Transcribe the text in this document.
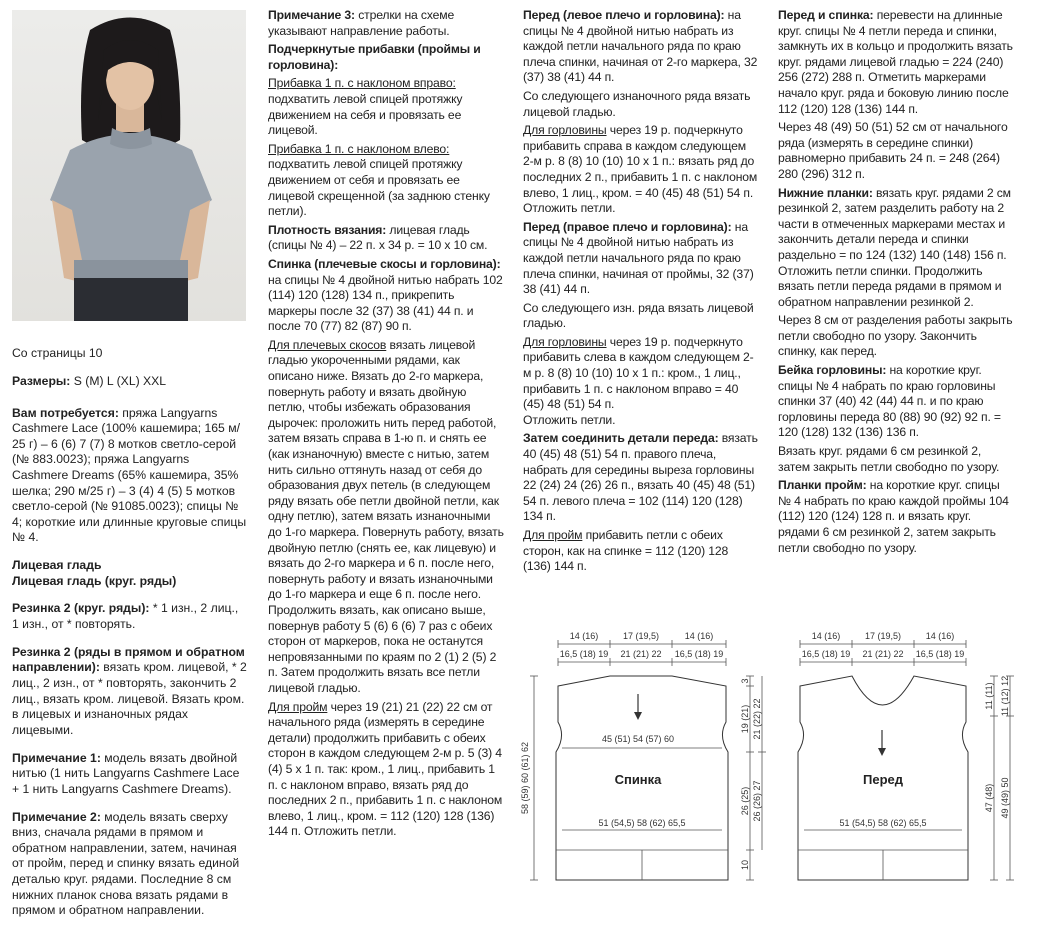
Со страницы 10

Размеры: S (M) L (XL) XXL

Вам потребуется: пряжа Langyarns Cashmere Lace (100% кашемира; 165 м/ 25 г) – 6 (6) 7 (7) 8 мотков светло-серой (№ 883.0023); пряжа Langyarns Cashmere Dreams (65% кашемира, 35% шелка; 290 м/25 г) – 3 (4) 4 (5) 5 мотков светло-серой (№ 91085.0023); спицы № 4; короткие или длинные круговые спицы № 4.

Лицевая гладь

Лицевая гладь (круг. ряды)

Резинка 2 (круг. ряды): * 1 изн., 2 лиц., 1 изн., от * повторять.

Резинка 2 (ряды в прямом и обратном направлении): вязать кром. лицевой, * 2 лиц., 2 изн., от * повторять, закончить 2 лиц., вязать кром. лицевой. Вязать кром. в лицевых и изнаночных рядах лицевыми.

Примечание 1: модель вязать двойной нитью (1 нить Langyarns Cashmere Lace + 1 нить Langyarns Cashmere Dreams).

Примечание 2: модель вязать сверху вниз, сначала рядами в прямом и обратном направлении, затем, начиная от пройм, перед и спинку вязать единой деталью круг. рядами. Последние 8 см нижних планок снова вязать рядами в прямом и обратном направлении.

Примечание 3: стрелки на схеме указывают направление работы.

Подчеркнутые прибавки (проймы и горловина):

Прибавка 1 п. с наклоном вправо: подхватить левой спицей протяжку движением на себя и провязать ее лицевой.

Прибавка 1 п. с наклоном влево: подхватить левой спицей протяжку движением от себя и провязать ее лицевой скрещенной (за заднюю стенку петли).

Плотность вязания: лицевая гладь (спицы № 4) – 22 п. х 34 р. = 10 х 10 см.

Спинка (плечевые скосы и горловина): на спицы № 4 двойной нитью набрать 102 (114) 120 (128) 134 п., прикрепить маркеры после 32 (37) 38 (41) 44 п. и после 70 (77) 82 (87) 90 п.

Для плечевых скосов вязать лицевой гладью укороченными рядами, как описано ниже. Вязать до 2-го маркера, повернуть работу и вязать двойную петлю, чтобы избежать образования дырочек: проложить нить перед работой, затем вязать справа в 1-ю п. и снять ее (как изнаночную) вместе с нитью, затем нить сильно оттянуть назад от себя до образования двух петель (в следующем ряду вязать обе петли двойной петли, как одну петлю), затем вязать изнаночными до 1-го маркера. Повернуть работу, вязать двойную петлю (снять ее, как лицевую) и вязать до 2-го маркера и 6 п. после него, повернуть работу и вязать изнаночными до 1-го маркера и еще 6 п. после него. Продолжить вязать, как описано выше, повернув работу 5 (6) 6 (6) 7 раз с обеих сторон от маркеров, пока не останутся непровязанными по краям по 2 (1) 2 (5) 2 п. Затем продолжить вязать все петли лицевой гладью.

Для пройм через 19 (21) 21 (22) 22 см от начального ряда (измерять в середине детали) продолжить прибавить с обеих сторон в каждом следующем 2-м р. 5 (3) 4 (4) 5 х 1 п. так: кром., 1 лиц., прибавить 1 п. с наклоном вправо, вязать ряд до последних 2 п., прибавить 1 п. с наклоном влево, 1 лиц., кром. = 112 (120) 128 (136) 144 п. Отложить петли.

Перед (левое плечо и горловина): на спицы № 4 двойной нитью набрать из каждой петли начального ряда по краю плеча спинки, начиная от 2-го маркера, 32 (37) 38 (41) 44 п.

Со следующего изнаночного ряда вязать лицевой гладью.

Для горловины через 19 р. подчеркнуто прибавить справа в каждом следующем 2-м р. 8 (8) 10 (10) 10 х 1 п.: вязать ряд до последних 2 п., прибавить 1 п. с наклоном влево, 1 лиц., кром. = 40 (45) 48 (51) 54 п. Отложить петли.

Перед (правое плечо и горловина): на спицы № 4 двойной нитью набрать из каждой петли начального ряда по краю плеча спинки, начиная от проймы, 32 (37) 38 (41) 44 п.

Со следующего изн. ряда вязать лицевой гладью.

Для горловины через 19 р. подчеркнуто прибавить слева в каждом следующем 2-м р. 8 (8) 10 (10) 10 х 1 п.: кром., 1 лиц., прибавить 1 п. с наклоном вправо = 40 (45) 48 (51) 54 п.

Отложить петли.

Затем соединить детали переда: вязать 40 (45) 48 (51) 54 п. правого плеча, набрать для середины выреза горловины 22 (24) 24 (26) 26 п., вязать 40 (45) 48 (51) 54 п. левого плеча = 102 (114) 120 (128) 134 п.

Для пройм прибавить петли с обеих сторон, как на спинке = 112 (120) 128 (136) 144 п.

Перед и спинка: перевести на длинные круг. спицы № 4 петли переда и спинки, замкнуть их в кольцо и продолжить вязать круг. рядами лицевой гладью = 224 (240) 256 (272) 288 п. Отметить маркерами начало круг. ряда и боковую линию после 112 (120) 128 (136) 144 п.

Через 48 (49) 50 (51) 52 см от начального ряда (измерять в середине спинки) равномерно прибавить 24 п. = 248 (264) 280 (296) 312 п.

Нижние планки: вязать круг. рядами 2 см резинкой 2, затем разделить работу на 2 части в отмеченных маркерами местах и закончить детали переда и спинки раздельно = по 124 (132) 140 (148) 156 п. Отложить петли спинки. Продолжить вязать петли переда рядами в прямом и обратном направлении резинкой 2.

Через 8 см от разделения работы закрыть петли свободно по узору. Закончить спинку, как перед.

Бейка горловины: на короткие круг. спицы № 4 набрать по краю горловины спинки 37 (40) 42 (44) 44 п. и по краю горловины переда 80 (88) 90 (92) 92 п. = 120 (128) 132 (136) 136 п.

Вязать круг. рядами 6 см резинкой 2, затем закрыть петли свободно по узору.

Планки пройм: на короткие круг. спицы № 4 набрать по краю каждой проймы 104 (112) 120 (124) 128 п. и вязать круг. рядами 6 см резинкой 2, затем закрыть петли свободно по узору.

14 (16)	17 (19,5)	14 (16)
16,5 (18) 19 21 (21) 22 16,5 (18) 19
45 (51) 54 (57) 60
51 (54,5) 58 (62) 65,5
Спинка
58 (59) 60 (61) 62
3
19 (21) 21 (22) 22
26 (25) 26 (26) 27
10
14 (16)	17 (19,5)	14 (16)
16,5 (18) 19 21 (21) 22 16,5 (18) 19
51 (54,5) 58 (62) 65,5
Перед
11 (11) 11 (12) 12
47 (48) 49 (49) 50
